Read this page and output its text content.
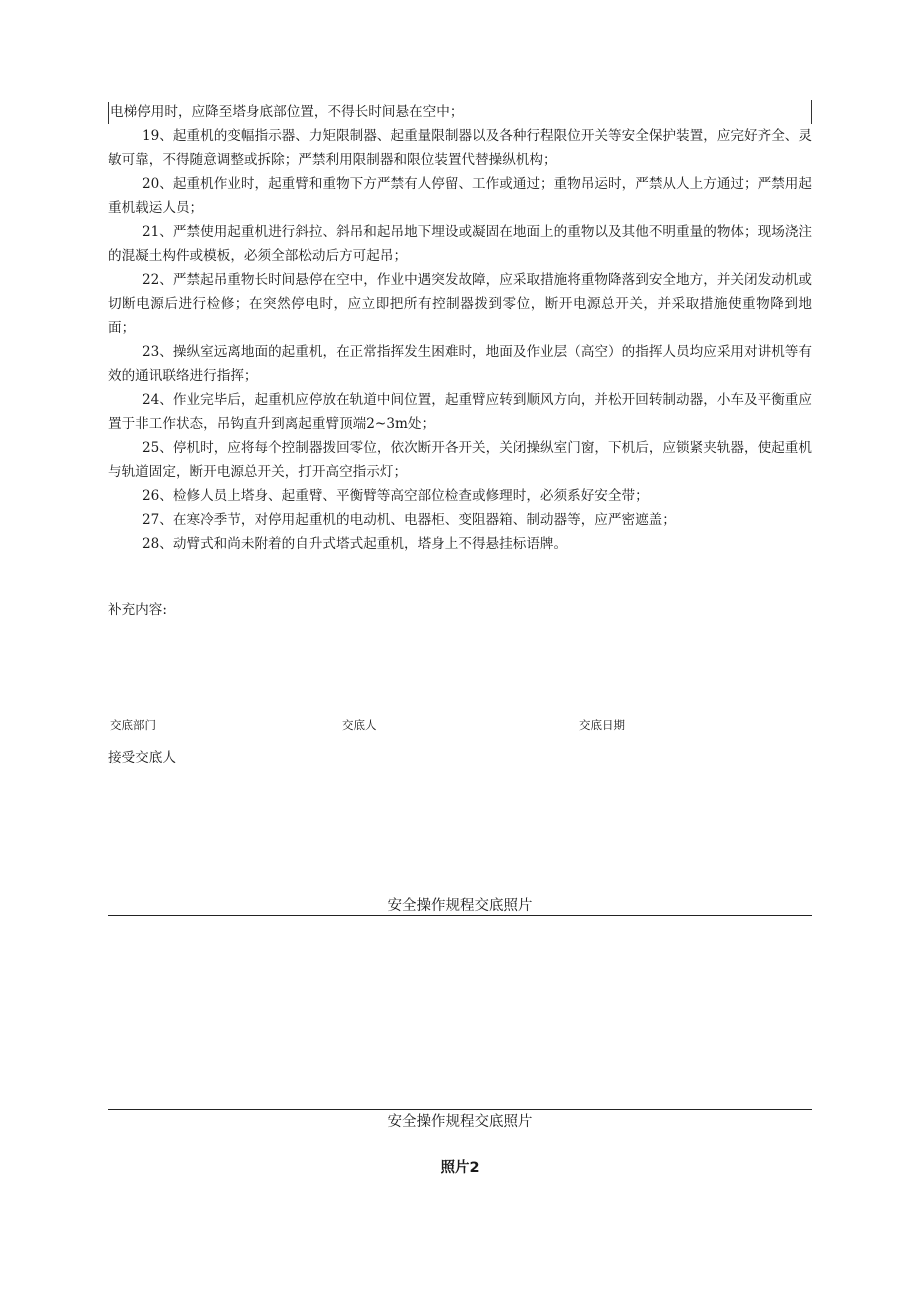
电梯停用时，应降至塔身底部位置，不得长时间悬在空中；

19、起重机的变幅指示器、力矩限制器、起重量限制器以及各种行程限位开关等安全保护装置，应完好齐全、灵敏可靠，不得随意调整或拆除；严禁利用限制器和限位装置代替操纵机构；

20、起重机作业时，起重臂和重物下方严禁有人停留、工作或通过；重物吊运时，严禁从人上方通过；严禁用起重机载运人员；

21、严禁使用起重机进行斜拉、斜吊和起吊地下埋设或凝固在地面上的重物以及其他不明重量的物体；现场浇注的混凝土构件或模板，必须全部松动后方可起吊；

22、严禁起吊重物长时间悬停在空中，作业中遇突发故障，应采取措施将重物降落到安全地方，并关闭发动机或切断电源后进行检修；在突然停电时，应立即把所有控制器拨到零位，断开电源总开关，并采取措施使重物降到地面；

23、操纵室远离地面的起重机，在正常指挥发生困难时，地面及作业层（高空）的指挥人员均应采用对讲机等有效的通讯联络进行指挥；

24、作业完毕后，起重机应停放在轨道中间位置，起重臂应转到顺风方向，并松开回转制动器，小车及平衡重应置于非工作状态，吊钩直升到离起重臂顶端2~3m处；

25、停机时，应将每个控制器拨回零位，依次断开各开关，关闭操纵室门窗，下机后，应锁紧夹轨器，使起重机与轨道固定，断开电源总开关，打开高空指示灯；

26、检修人员上塔身、起重臂、平衡臂等高空部位检查或修理时，必须系好安全带；

27、在寒冷季节，对停用起重机的电动机、电器柜、变阻器箱、制动器等，应严密遮盖；

28、动臂式和尚未附着的自升式塔式起重机，塔身上不得悬挂标语牌。

补充内容:
交底部门	交底人	交底日期
接受交底人
安全操作规程交底照片
安全操作规程交底照片
照片2
